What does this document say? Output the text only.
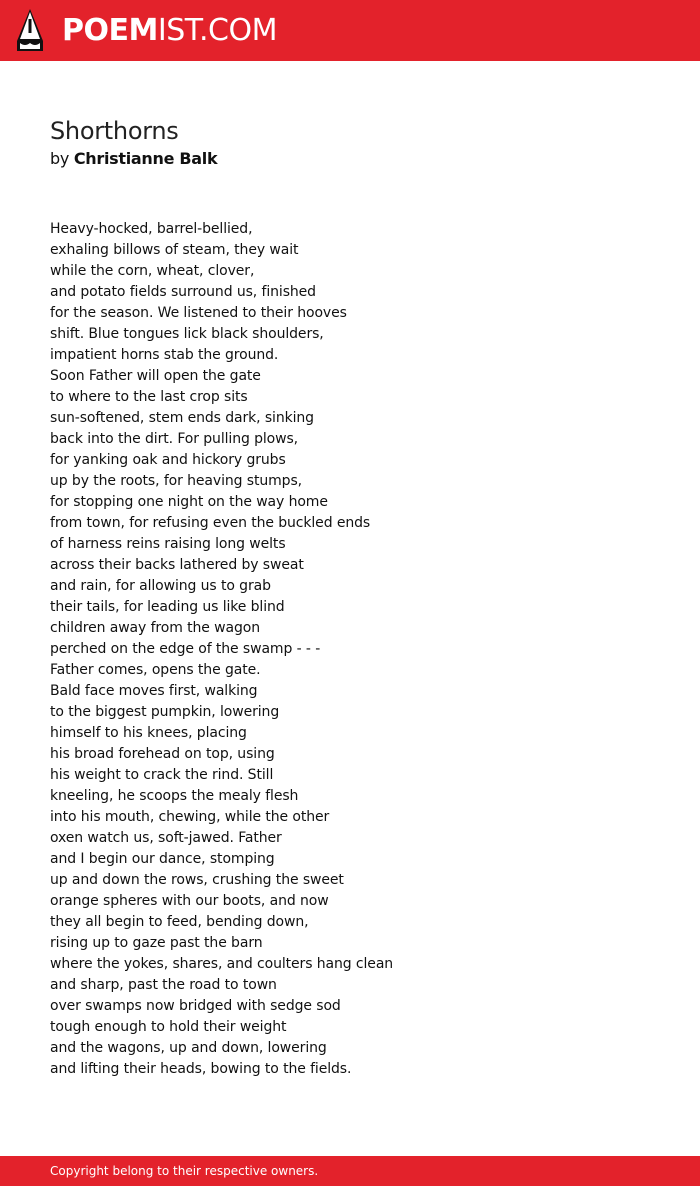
POEMIST.COM
Shorthorns
by Christianne Balk
Heavy-hocked, barrel-bellied,
exhaling billows of steam, they wait
while the corn, wheat, clover,
and potato fields surround us, finished
for the season. We listened to their hooves
shift. Blue tongues lick black shoulders,
impatient horns stab the ground.
Soon Father will open the gate
to where to the last crop sits
sun-softened, stem ends dark, sinking
back into the dirt. For pulling plows,
for yanking oak and hickory grubs
up by the roots, for heaving stumps,
for stopping one night on the way home
from town, for refusing even the buckled ends
of harness reins raising long welts
across their backs lathered by sweat
and rain, for allowing us to grab
their tails, for leading us like blind
children away from the wagon
perched on the edge of the swamp - - -
Father comes, opens the gate.
Bald face moves first, walking
to the biggest pumpkin, lowering
himself to his knees, placing
his broad forehead on top, using
his weight to crack the rind. Still
kneeling, he scoops the mealy flesh
into his mouth, chewing, while the other
oxen watch us, soft-jawed. Father
and I begin our dance, stomping
up and down the rows, crushing the sweet
orange spheres with our boots, and now
they all begin to feed, bending down,
rising up to gaze past the barn
where the yokes, shares, and coulters hang clean
and sharp, past the road to town
over swamps now bridged with sedge sod
tough enough to hold their weight
and the wagons, up and down, lowering
and lifting their heads, bowing to the fields.
Copyright belong to their respective owners.
